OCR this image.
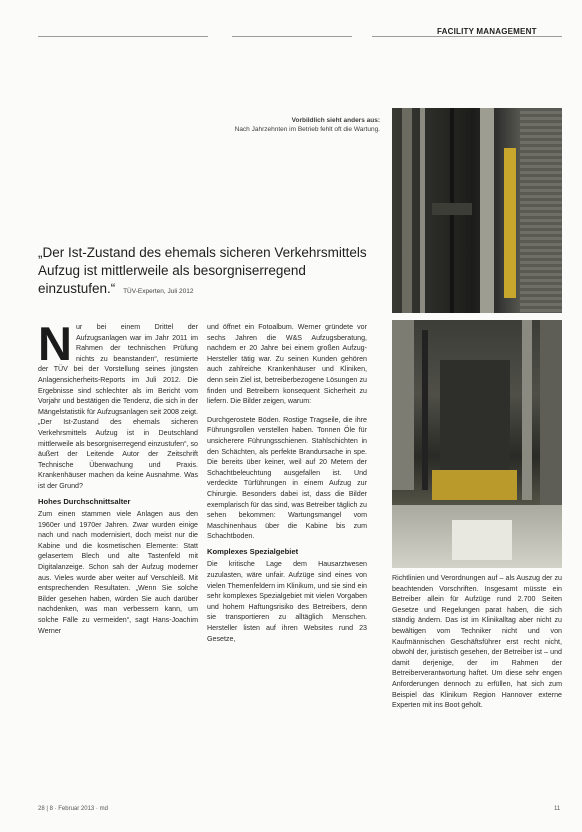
FACILITY MANAGEMENT
Vorbildlich sieht anders aus:
Nach Jahrzehnten im Betrieb fehlt oft die Wartung.
„Der Ist-Zustand des ehemals sicheren Verkehrsmittels Aufzug ist mittlerweile als besorgniserregend einzustufen.“ TÜV-Experten, Juli 2012
N ur bei einem Drittel der Aufzugsanlagen war im Jahr 2011 im Rahmen der technischen Prüfung nichts zu beanstanden“, resümierte der TÜV bei der Vorstellung seines jüngsten Anlagensicherheits-Reports im Juli 2012. Die Ergebnisse sind schlechter als im Bericht vom Vorjahr und bestätigen die Tendenz, die sich in der Mängelstatistik für Aufzugsanlagen seit 2008 zeigt. „Der Ist-Zustand des ehemals sicheren Verkehrsmittels Aufzug ist in Deutschland mittlerweile als besorgniserregend einzustufen“, so äußert der Leitende Autor der Zeitschrift Technische Überwachung und Praxis. Krankenhäuser machen da keine Ausnahme. Was ist der Grund?

Hohes Durchschnittsalter

Zum einen stammen viele Anlagen aus den 1960er und 1970er Jahren. Zwar wurden einige nach und nach modernisiert, doch meist nur die Kabine und die kosmetischen Elemente: Statt gelasertem Blech und alte Tastenfeld mit Digitalanzeige. Schon sah der Aufzug moderner aus. Vieles wurde aber weiter auf Verschleiß. Mit entsprechenden Resultaten. „Wenn Sie solche Bilder gesehen haben, würden Sie auch darüber nachdenken, was man verbessern kann, um solche Fälle zu vermeiden“, sagt Hans-Joachim Werner

und öffnet ein Fotoalbum. Werner gründete vor sechs Jahren die W&S Aufzugsberatung, nachdem er 20 Jahre bei einem großen Aufzug-Hersteller tätig war. Zu seinen Kunden gehören auch zahlreiche Krankenhäuser und Kliniken, denn sein Ziel ist, betreiberbezogene Lösungen zu finden und Betreibern konsequent Sicherheit zu liefern. Die Bilder zeigen, warum:

Durchgerostete Böden. Rostige Tragseile, die ihre Führungsrollen verstellen haben. Tonnen Öle für unsicherere Führungsschienen. Stahlschichten in den Schächten, als perfekte Brandursache in spe. Die bereits über keiner, weil auf 20 Metern der Schachtbeleuchtung ausgefallen ist. Und verdeckte Türführungen in einem Aufzug zur Chirurgie. Besonders dabei ist, dass die Bilder exemplarisch für das sind, was Betreiber täglich zu sehen bekommen: Wartungsmangel vom Maschinenhaus über die Kabine bis zum Schachtboden.

Komplexes Spezialgebiet

Die kritische Lage dem Hausarztwesen zuzulasten, wäre unfair. Aufzüge sind eines von vielen Themenfeldern im Klinikum, und sie sind ein sehr komplexes Spezialgebiet mit vielen Vorgaben und hohem Haftungsrisiko des Betreibers, denn sie transportieren zu alltäglich Menschen. Hersteller listen auf ihren Websites rund 23 Gesetze,

Richtlinien und Verordnungen auf – als Auszug der zu beachtenden Vorschriften. Insgesamt müsste ein Betreiber allein für Aufzüge rund 2.700 Seiten Gesetze und Regelungen parat haben, die sich ständig ändern. Das ist im Klinikalltag aber nicht zu bewältigen vom Techniker nicht und von Kaufmännischen Geschäftsführer erst recht nicht, obwohl der, juristisch gesehen, der Betreiber ist – und damit derjenige, der im Rahmen der Betreiberverantwortung haftet. Um diese sehr engen Anforderungen dennoch zu erfüllen, hat sich zum Beispiel das Klinikum Region Hannover externe Experten mit ins Boot geholt.

28 | 8 · Februar 2013 · md	11
